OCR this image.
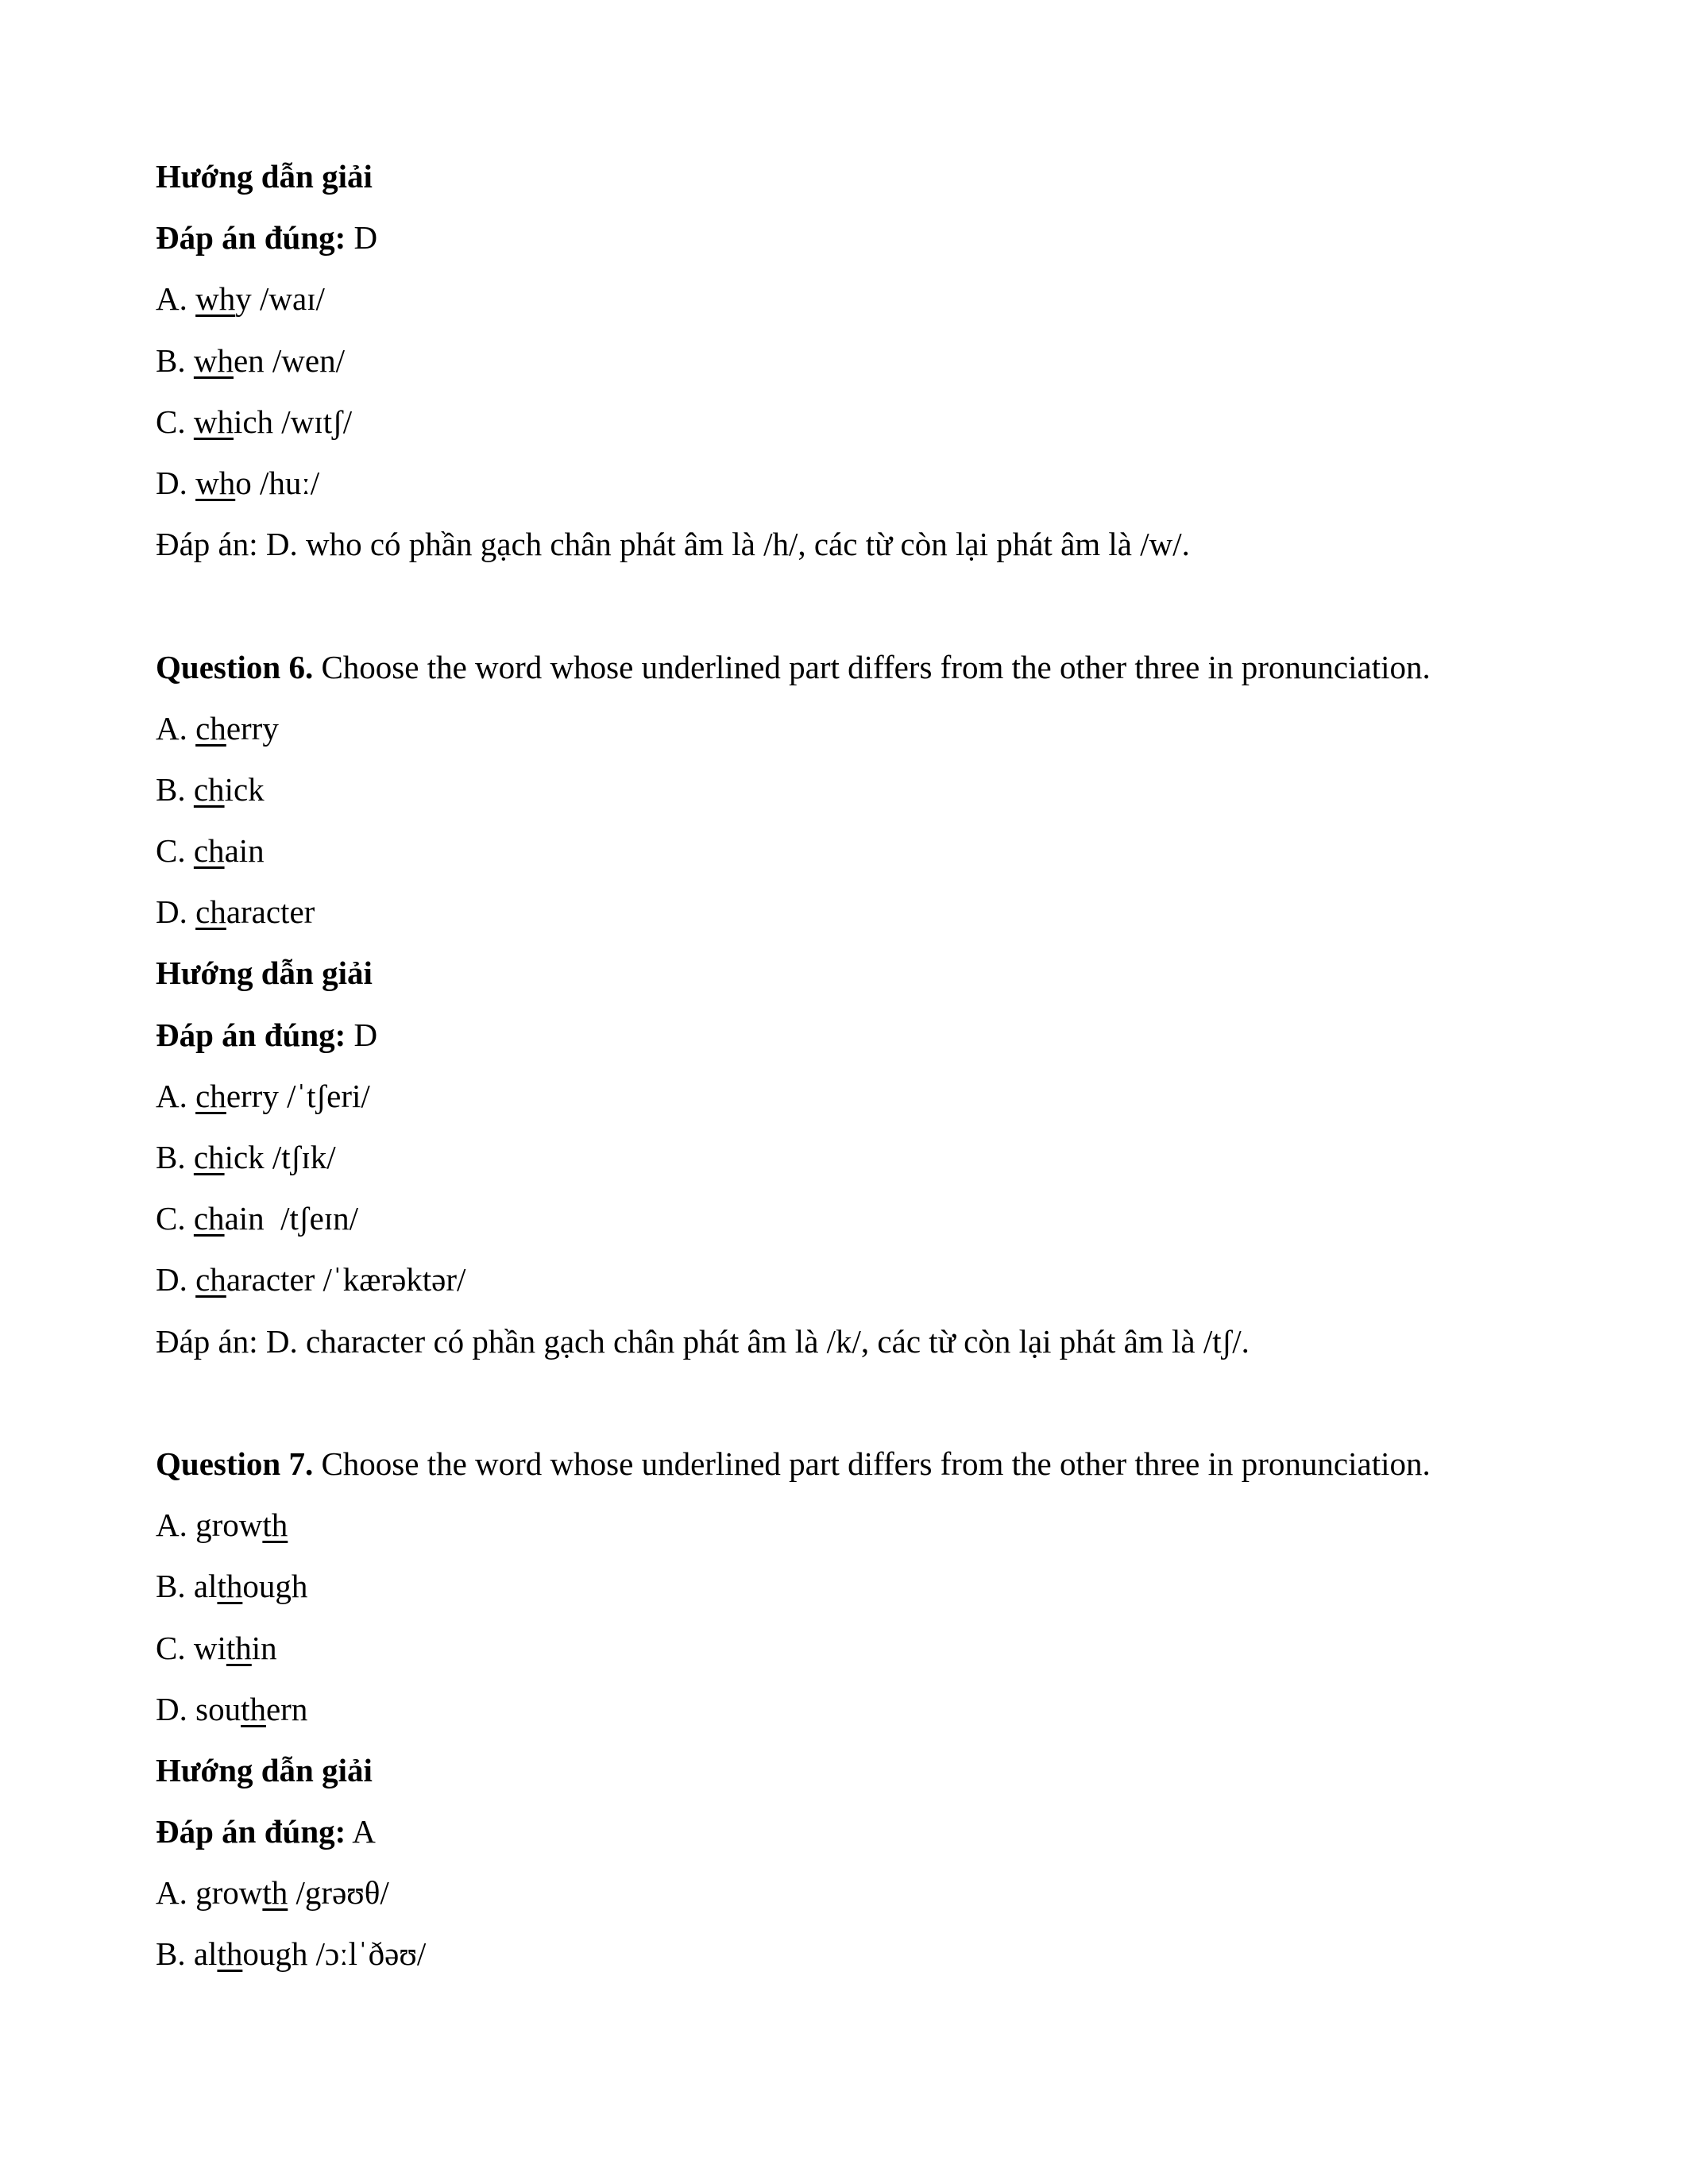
Hướng dẫn giải
Đáp án đúng: D
A. why /waɪ/
B. when /wen/
C. which /wɪtʃ/
D. who /huː/
Đáp án: D. who có phần gạch chân phát âm là /h/, các từ còn lại phát âm là /w/.
Question 6. Choose the word whose underlined part differs from the other three in pronunciation.
A. cherry
B. chick
C. chain
D. character
Hướng dẫn giải
Đáp án đúng: D
A. cherry /ˈtʃeri/
B. chick /tʃɪk/
C. chain  /tʃeɪn/
D. character /ˈkærəktər/
Đáp án: D. character có phần gạch chân phát âm là /k/, các từ còn lại phát âm là /tʃ/.
Question 7. Choose the word whose underlined part differs from the other three in pronunciation.
A. growth
B. although
C. within
D. southern
Hướng dẫn giải
Đáp án đúng: A
A. growth /grəʊθ/
B. although /ɔːlˈðəʊ/
